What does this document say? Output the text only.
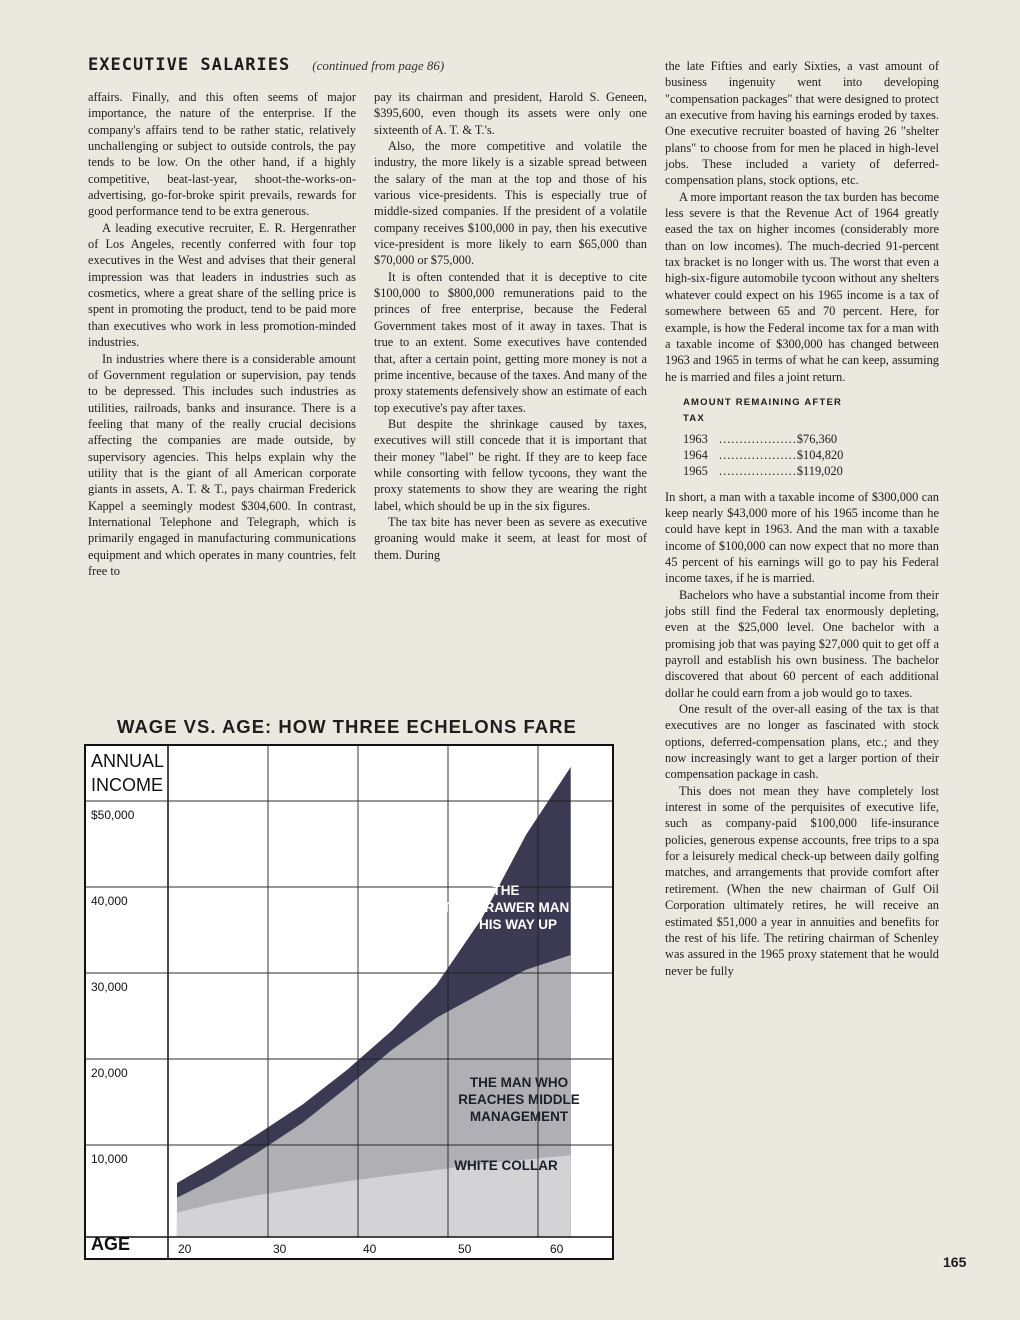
EXECUTIVE SALARIES (continued from page 86)

affairs. Finally, and this often seems of major importance, the nature of the enterprise. If the company's affairs tend to be rather static, relatively unchallenging or subject to outside controls, the pay tends to be low. On the other hand, if a highly competitive, beat-last-year, shoot-the-works-on-advertising, go-for-broke spirit prevails, rewards for good performance tend to be extra generous.

A leading executive recruiter, E. R. Hergenrather of Los Angeles, recently conferred with four top executives in the West and advises that their general impression was that leaders in industries such as cosmetics, where a great share of the selling price is spent in promoting the product, tend to be paid more than executives who work in less promotion-minded industries.

In industries where there is a considerable amount of Government regulation or supervision, pay tends to be depressed. This includes such industries as utilities, railroads, banks and insurance. There is a feeling that many of the really crucial decisions affecting the companies are made outside, by supervisory agencies. This helps explain why the utility that is the giant of all American corporate giants in assets, A. T. & T., pays chairman Frederick Kappel a seemingly modest $304,600. In contrast, International Telephone and Telegraph, which is primarily engaged in manufacturing communications equipment and which operates in many countries, felt free to

pay its chairman and president, Harold S. Geneen, $395,600, even though its assets were only one sixteenth of A. T. & T.'s.

Also, the more competitive and volatile the industry, the more likely is a sizable spread between the salary of the man at the top and those of his various vice-presidents. This is especially true of middle-sized companies. If the president of a volatile company receives $100,000 in pay, then his executive vice-president is more likely to earn $65,000 than $70,000 or $75,000.

It is often contended that it is deceptive to cite $100,000 to $800,000 remunerations paid to the princes of free enterprise, because the Federal Government takes most of it away in taxes. That is true to an extent. Some executives have contended that, after a certain point, getting more money is not a prime incentive, because of the taxes. And many of the proxy statements defensively show an estimate of each top executive's pay after taxes.

But despite the shrinkage caused by taxes, executives will still concede that it is important that their money "label" be right. If they are to keep face while consorting with fellow tycoons, they want the proxy statements to show they are wearing the right label, which should be up in the six figures.

The tax bite has never been as severe as executive groaning would make it seem, at least for most of them. During

the late Fifties and early Sixties, a vast amount of business ingenuity went into developing "compensation packages" that were designed to protect an executive from having his earnings eroded by taxes. One executive recruiter boasted of having 26 "shelter plans" to choose from for men he placed in high-level jobs. These included a variety of deferred-compensation plans, stock options, etc.

A more important reason the tax burden has become less severe is that the Revenue Act of 1964 greatly eased the tax on higher incomes (considerably more than on low incomes). The much-decried 91-percent tax bracket is no longer with us. The worst that even a high-six-figure automobile tycoon without any shelters whatever could expect on his 1965 income is a tax of somewhere between 65 and 70 percent. Here, for example, is how the Federal income tax for a man with a taxable income of $300,000 has changed between 1963 and 1965 in terms of what he can keep, assuming he is married and files a joint return.

AMOUNT REMAINING AFTER TAX
1963	...................	$76,360
1964	...................	$104,820
1965	...................	$119,020

In short, a man with a taxable income of $300,000 can keep nearly $43,000 more of his 1965 income than he could have kept in 1963. And the man with a taxable income of $100,000 can now expect that no more than 45 percent of his earnings will go to pay his Federal income taxes, if he is married.

Bachelors who have a substantial income from their jobs still find the Federal tax enormously depleting, even at the $25,000 level. One bachelor with a promising job that was paying $27,000 quit to get off a payroll and establish his own business. The bachelor discovered that about 60 percent of each additional dollar he could earn from a job would go to taxes.

One result of the over-all easing of the tax is that executives are no longer as fascinated with stock options, deferred-compensation plans, etc.; and they now increasingly want to get a larger portion of their compensation package in cash.

This does not mean they have completely lost interest in some of the perquisites of executive life, such as company-paid $100,000 life-insurance policies, generous expense accounts, free trips to a spa for a leisurely medical check-up between daily golfing matches, and arrangements that provide comfort after retirement. (When the new chairman of Gulf Oil Corporation ultimately retires, he will receive an estimated $51,000 a year in annuities and benefits for the rest of his life. The retiring chairman of Schenley was assured in the 1965 proxy statement that he would never be fully

165
WAGE VS. AGE: HOW THREE ECHELONS FARE
$50,000
40,000
30,000
20,000
10,000
20	30	40	50	60
ANNUAL
INCOME
AGE
THE
TOP-DRAWER MAN
ON HIS WAY UP
THE MAN WHO
REACHES MIDDLE
MANAGEMENT
WHITE COLLAR
